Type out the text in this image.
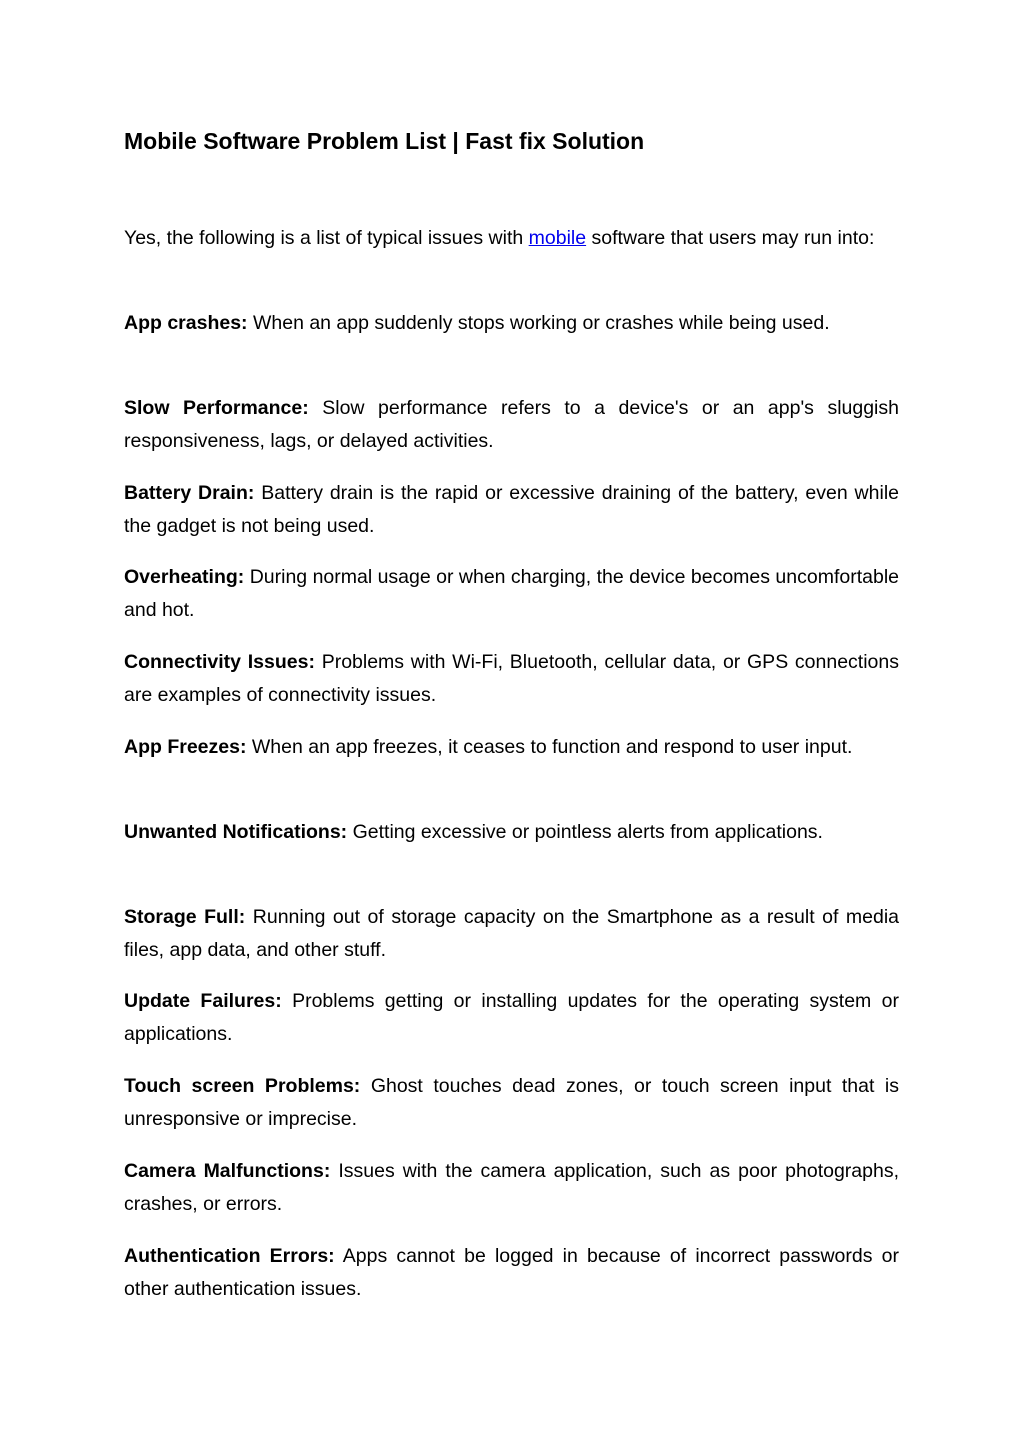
Mobile Software Problem List | Fast fix Solution

Yes, the following is a list of typical issues with mobile software that users may run into:

App crashes: When an app suddenly stops working or crashes while being used.
Slow Performance: Slow performance refers to a device's or an app's sluggish responsiveness, lags, or delayed activities.
Battery Drain: Battery drain is the rapid or excessive draining of the battery, even while the gadget is not being used.
Overheating: During normal usage or when charging, the device becomes uncomfortable and hot.
Connectivity Issues: Problems with Wi-Fi, Bluetooth, cellular data, or GPS connections are examples of connectivity issues.
App Freezes: When an app freezes, it ceases to function and respond to user input.
Unwanted Notifications: Getting excessive or pointless alerts from applications.
Storage Full: Running out of storage capacity on the Smartphone as a result of media files, app data, and other stuff.
Update Failures: Problems getting or installing updates for the operating system or applications.
Touch screen Problems: Ghost touches dead zones, or touch screen input that is unresponsive or imprecise.
Camera Malfunctions: Issues with the camera application, such as poor photographs, crashes, or errors.
Authentication Errors: Apps cannot be logged in because of incorrect passwords or other authentication issues.
